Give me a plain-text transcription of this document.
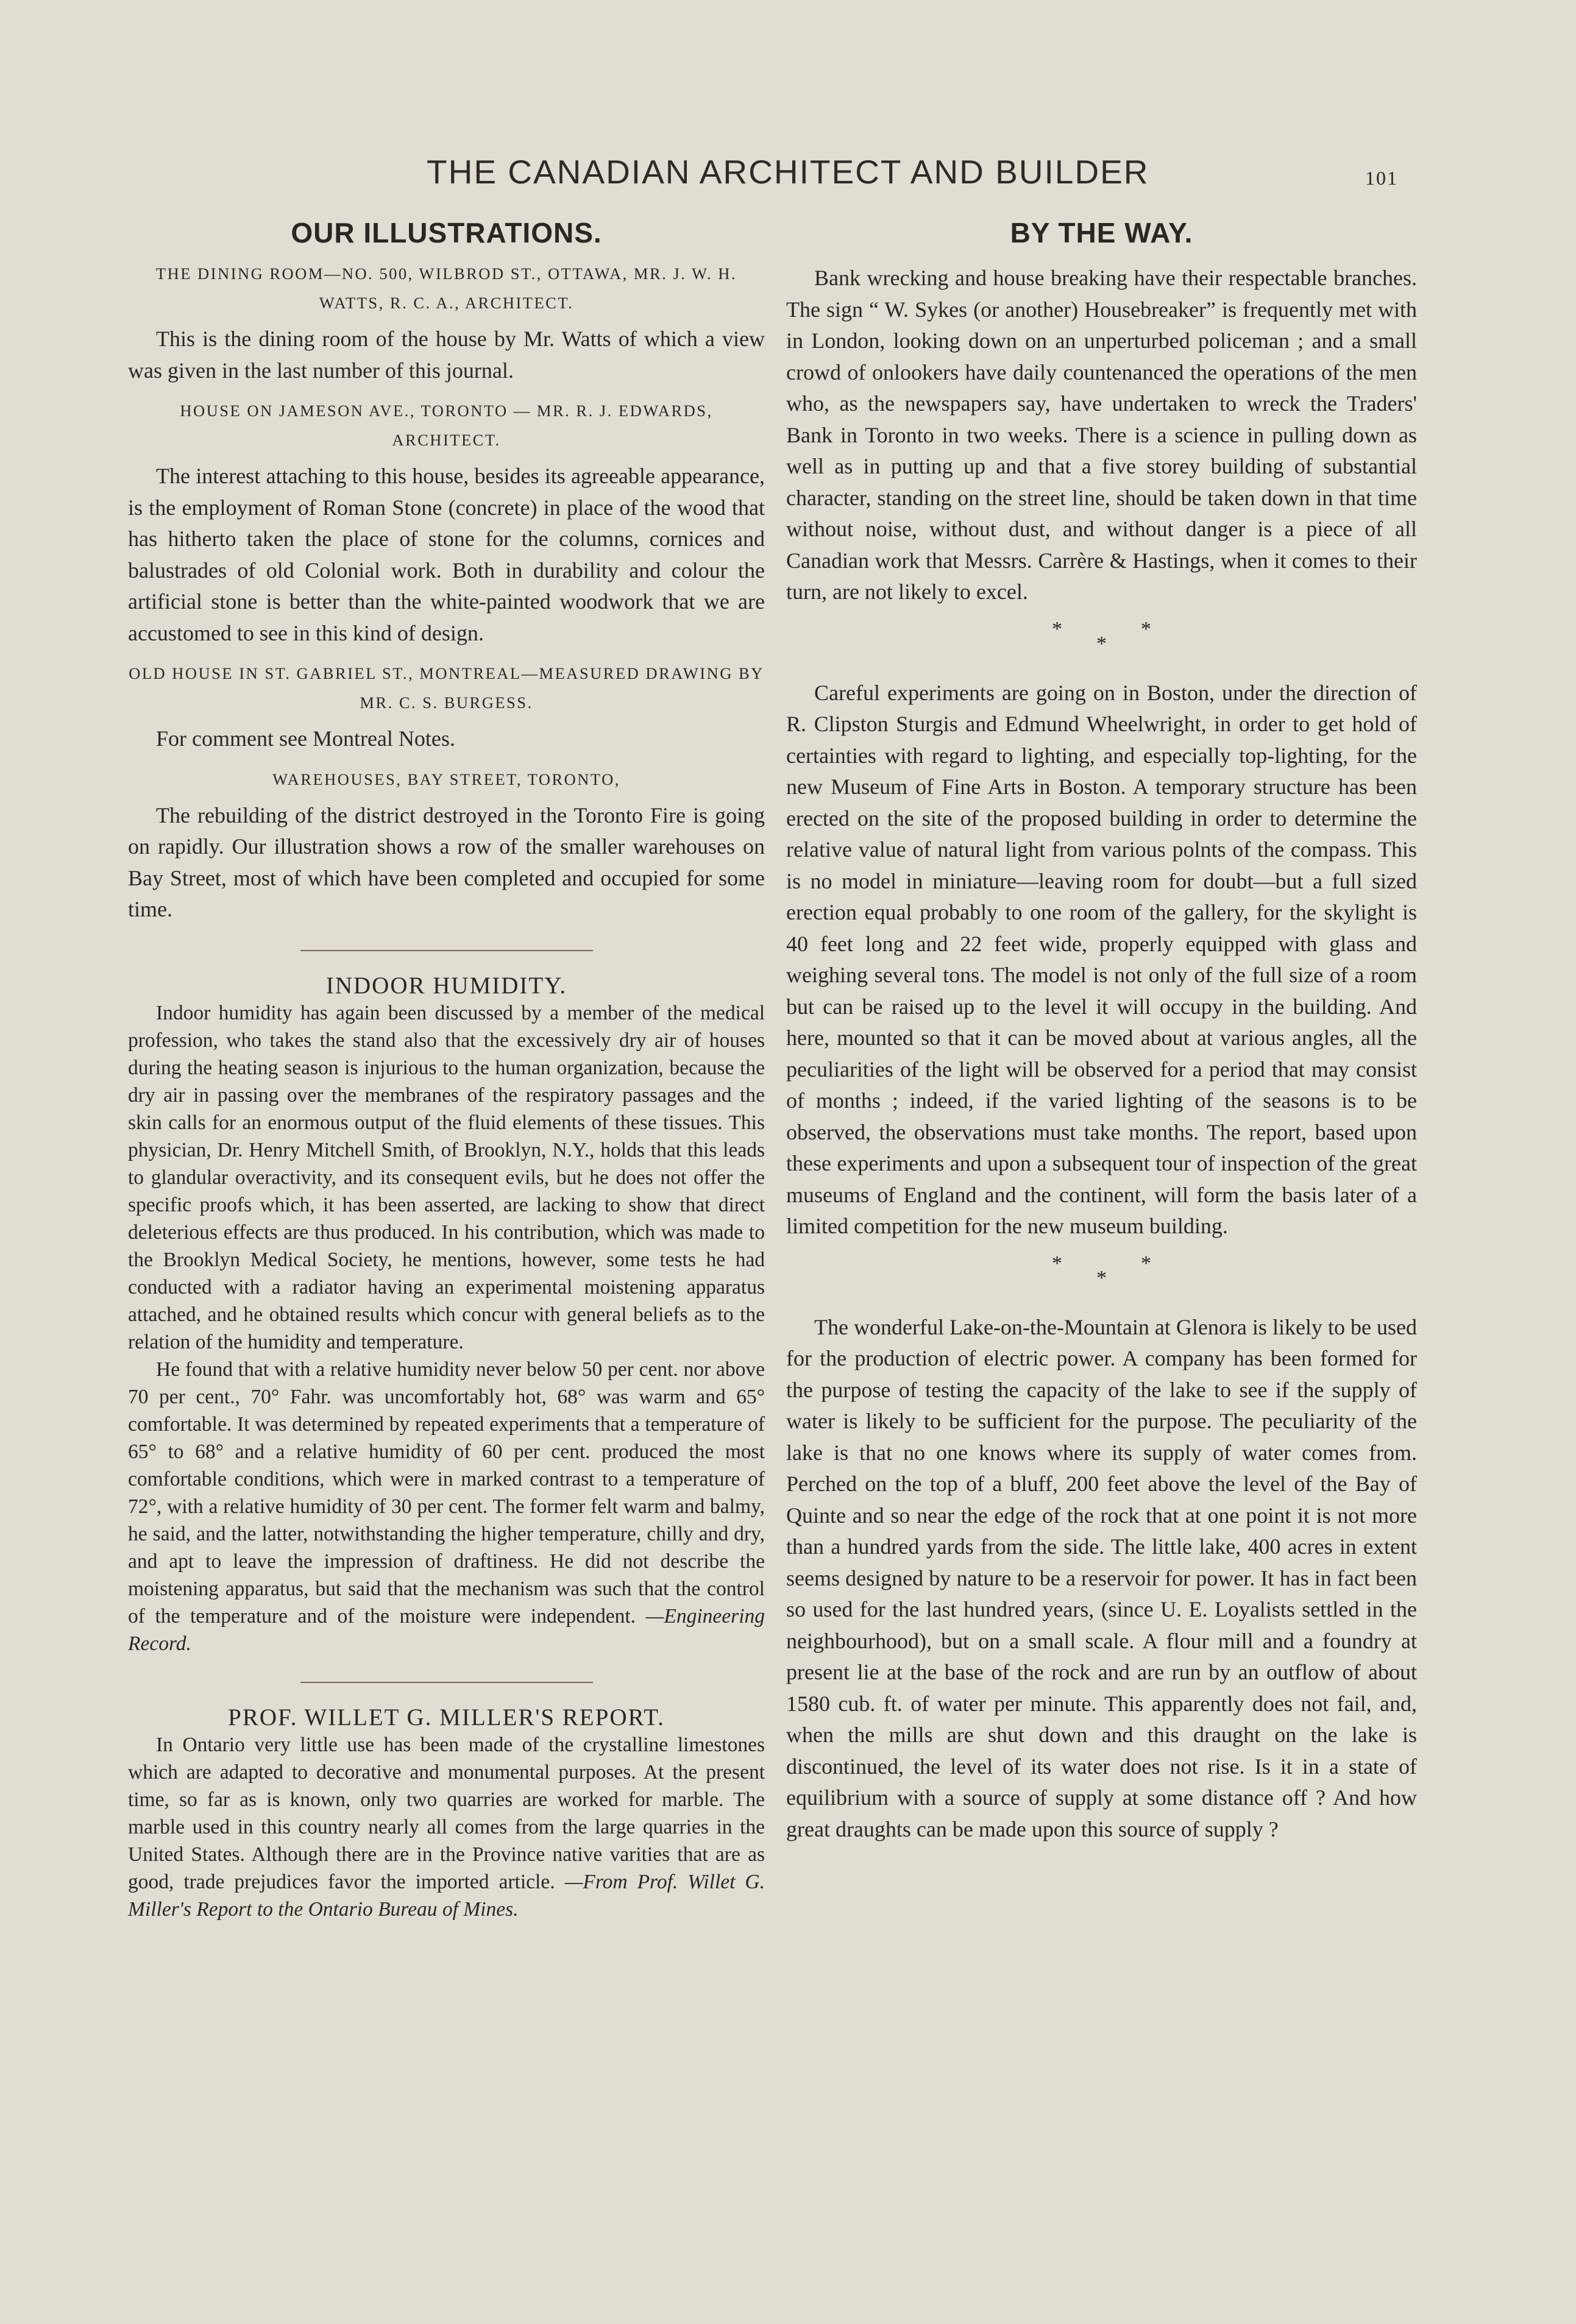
THE CANADIAN ARCHITECT AND BUILDER	101
OUR ILLUSTRATIONS.
THE DINING ROOM—NO. 500, WILBROD ST., OTTAWA, MR. J. W. H. WATTS, R. C. A., ARCHITECT.

This is the dining room of the house by Mr. Watts of which a view was given in the last number of this journal.

HOUSE ON JAMESON AVE., TORONTO — MR. R. J. EDWARDS, ARCHITECT.

The interest attaching to this house, besides its agreeable appearance, is the employment of Roman Stone (concrete) in place of the wood that has hitherto taken the place of stone for the columns, cornices and balustrades of old Colonial work. Both in durability and colour the artificial stone is better than the white-painted woodwork that we are accustomed to see in this kind of design.

OLD HOUSE IN ST. GABRIEL ST., MONTREAL—MEASURED DRAWING BY MR. C. S. BURGESS.

For comment see Montreal Notes.

WAREHOUSES, BAY STREET, TORONTO,

The rebuilding of the district destroyed in the Toronto Fire is going on rapidly. Our illustration shows a row of the smaller warehouses on Bay Street, most of which have been completed and occupied for some time.

INDOOR HUMIDITY.

Indoor humidity has again been discussed by a member of the medical profession, who takes the stand also that the excessively dry air of houses during the heating season is injurious to the human organization, because the dry air in passing over the membranes of the respiratory passages and the skin calls for an enormous output of the fluid elements of these tissues. This physician, Dr. Henry Mitchell Smith, of Brooklyn, N.Y., holds that this leads to glandular overactivity, and its consequent evils, but he does not offer the specific proofs which, it has been asserted, are lacking to show that direct deleterious effects are thus produced. In his contribution, which was made to the Brooklyn Medical Society, he mentions, however, some tests he had conducted with a radiator having an experimental moistening apparatus attached, and he obtained results which concur with general beliefs as to the relation of the humidity and temperature.

He found that with a relative humidity never below 50 per cent. nor above 70 per cent., 70° Fahr. was uncomfortably hot, 68° was warm and 65° comfortable. It was determined by repeated experiments that a temperature of 65° to 68° and a relative humidity of 60 per cent. produced the most comfortable conditions, which were in marked contrast to a temperature of 72°, with a relative humidity of 30 per cent. The former felt warm and balmy, he said, and the latter, notwithstanding the higher temperature, chilly and dry, and apt to leave the impression of draftiness. He did not describe the moistening apparatus, but said that the mechanism was such that the control of the temperature and of the moisture were independent. —Engineering Record.

PROF. WILLET G. MILLER'S REPORT.

In Ontario very little use has been made of the crystalline limestones which are adapted to decorative and monumental purposes. At the present time, so far as is known, only two quarries are worked for marble. The marble used in this country nearly all comes from the large quarries in the United States. Although there are in the Province native varities that are as good, trade prejudices favor the imported article. —From Prof. Willet G. Miller's Report to the Ontario Bureau of Mines.

BY THE WAY.

Bank wrecking and house breaking have their respectable branches. The sign “ W. Sykes (or another) Housebreaker” is frequently met with in London, looking down on an unperturbed policeman ; and a small crowd of onlookers have daily countenanced the operations of the men who, as the newspapers say, have undertaken to wreck the Traders' Bank in Toronto in two weeks. There is a science in pulling down as well as in putting up and that a five storey building of substantial character, standing on the street line, should be taken down in that time without noise, without dust, and without danger is a piece of all Canadian work that Messrs. Carrère & Hastings, when it comes to their turn, are not likely to excel.

***

Careful experiments are going on in Boston, under the direction of R. Clipston Sturgis and Edmund Wheelwright, in order to get hold of certainties with regard to lighting, and especially top-lighting, for the new Museum of Fine Arts in Boston. A temporary structure has been erected on the site of the proposed building in order to determine the relative value of natural light from various polnts of the compass. This is no model in miniature—leaving room for doubt—but a full sized erection equal probably to one room of the gallery, for the skylight is 40 feet long and 22 feet wide, properly equipped with glass and weighing several tons. The model is not only of the full size of a room but can be raised up to the level it will occupy in the building. And here, mounted so that it can be moved about at various angles, all the peculiarities of the light will be observed for a period that may consist of months ; indeed, if the varied lighting of the seasons is to be observed, the observations must take months. The report, based upon these experiments and upon a subsequent tour of inspection of the great museums of England and the continent, will form the basis later of a limited competition for the new museum building.

***

The wonderful Lake-on-the-Mountain at Glenora is likely to be used for the production of electric power. A company has been formed for the purpose of testing the capacity of the lake to see if the supply of water is likely to be sufficient for the purpose. The peculiarity of the lake is that no one knows where its supply of water comes from. Perched on the top of a bluff, 200 feet above the level of the Bay of Quinte and so near the edge of the rock that at one point it is not more than a hundred yards from the side. The little lake, 400 acres in extent seems designed by nature to be a reservoir for power. It has in fact been so used for the last hundred years, (since U. E. Loyalists settled in the neighbourhood), but on a small scale. A flour mill and a foundry at present lie at the base of the rock and are run by an outflow of about 1580 cub. ft. of water per minute. This apparently does not fail, and, when the mills are shut down and this draught on the lake is discontinued, the level of its water does not rise. Is it in a state of equilibrium with a source of supply at some distance off ? And how great draughts can be made upon this source of supply ?
